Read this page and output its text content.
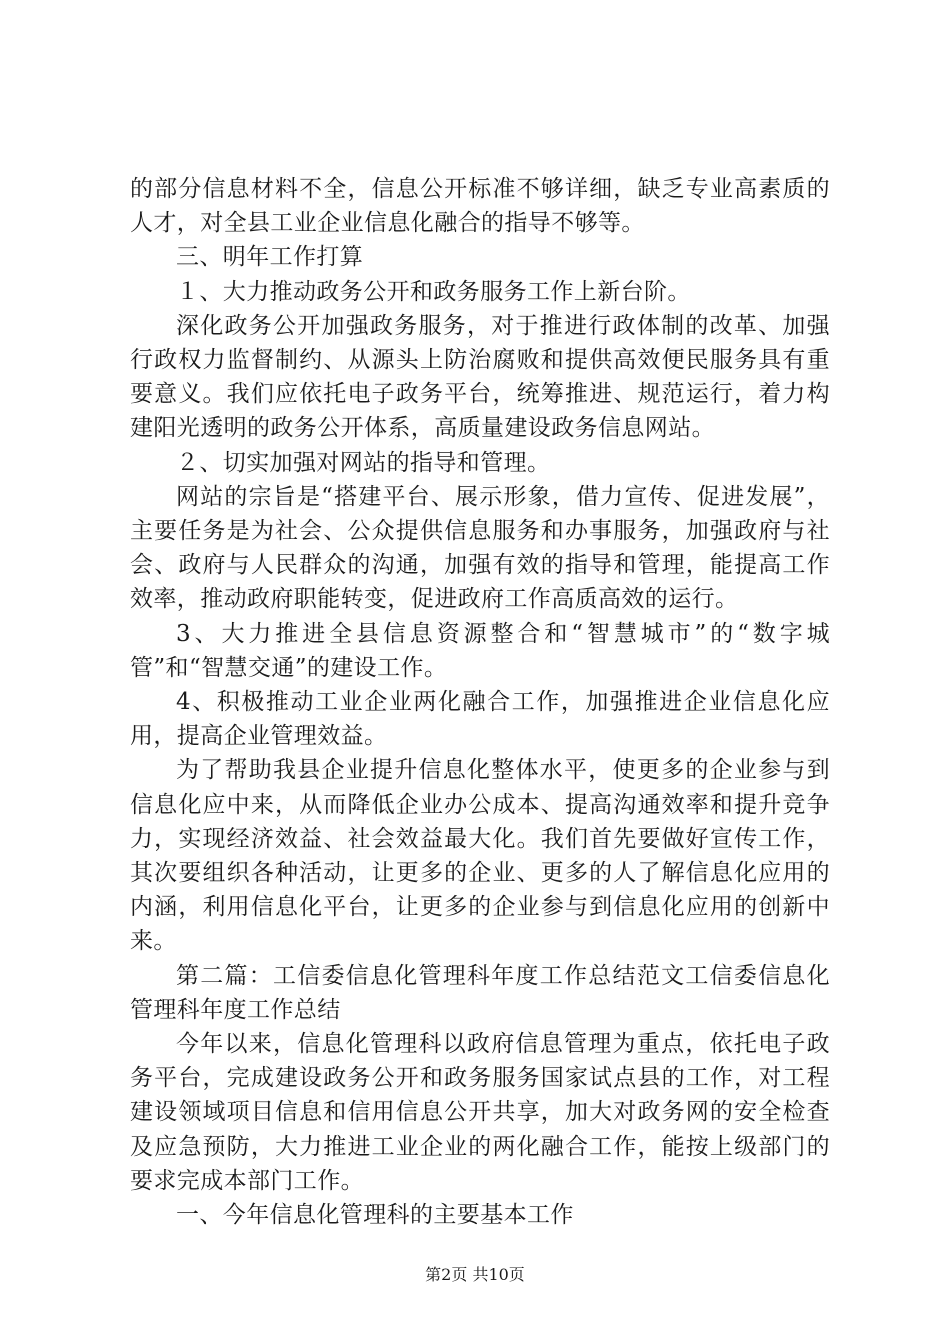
的部分信息材料不全，信息公开标准不够详细，缺乏专业高素质的人才，对全县工业企业信息化融合的指导不够等。

三、明年工作打算

１、大力推动政务公开和政务服务工作上新台阶。

深化政务公开加强政务服务，对于推进行政体制的改革、加强行政权力监督制约、从源头上防治腐败和提供高效便民服务具有重要意义。我们应依托电子政务平台，统筹推进、规范运行，着力构建阳光透明的政务公开体系，高质量建设政务信息网站。

２、切实加强对网站的指导和管理。

网站的宗旨是“搭建平台、展示形象，借力宣传、促进发展”，主要任务是为社会、公众提供信息服务和办事服务，加强政府与社会、政府与人民群众的沟通，加强有效的指导和管理，能提高工作效率，推动政府职能转变，促进政府工作高质高效的运行。

3、大力推进全县信息资源整合和“智慧城市”的“数字城管”和“智慧交通”的建设工作。

4、积极推动工业企业两化融合工作，加强推进企业信息化应用，提高企业管理效益。

为了帮助我县企业提升信息化整体水平，使更多的企业参与到信息化应中来，从而降低企业办公成本、提高沟通效率和提升竞争力，实现经济效益、社会效益最大化。我们首先要做好宣传工作，其次要组织各种活动，让更多的企业、更多的人了解信息化应用的内涵，利用信息化平台，让更多的企业参与到信息化应用的创新中来。

第二篇：工信委信息化管理科年度工作总结范文工信委信息化管理科年度工作总结

今年以来，信息化管理科以政府信息管理为重点，依托电子政务平台，完成建设政务公开和政务服务国家试点县的工作，对工程建设领域项目信息和信用信息公开共享，加大对政务网的安全检查及应急预防，大力推进工业企业的两化融合工作，能按上级部门的要求完成本部门工作。

一、今年信息化管理科的主要基本工作

第2页 共10页
